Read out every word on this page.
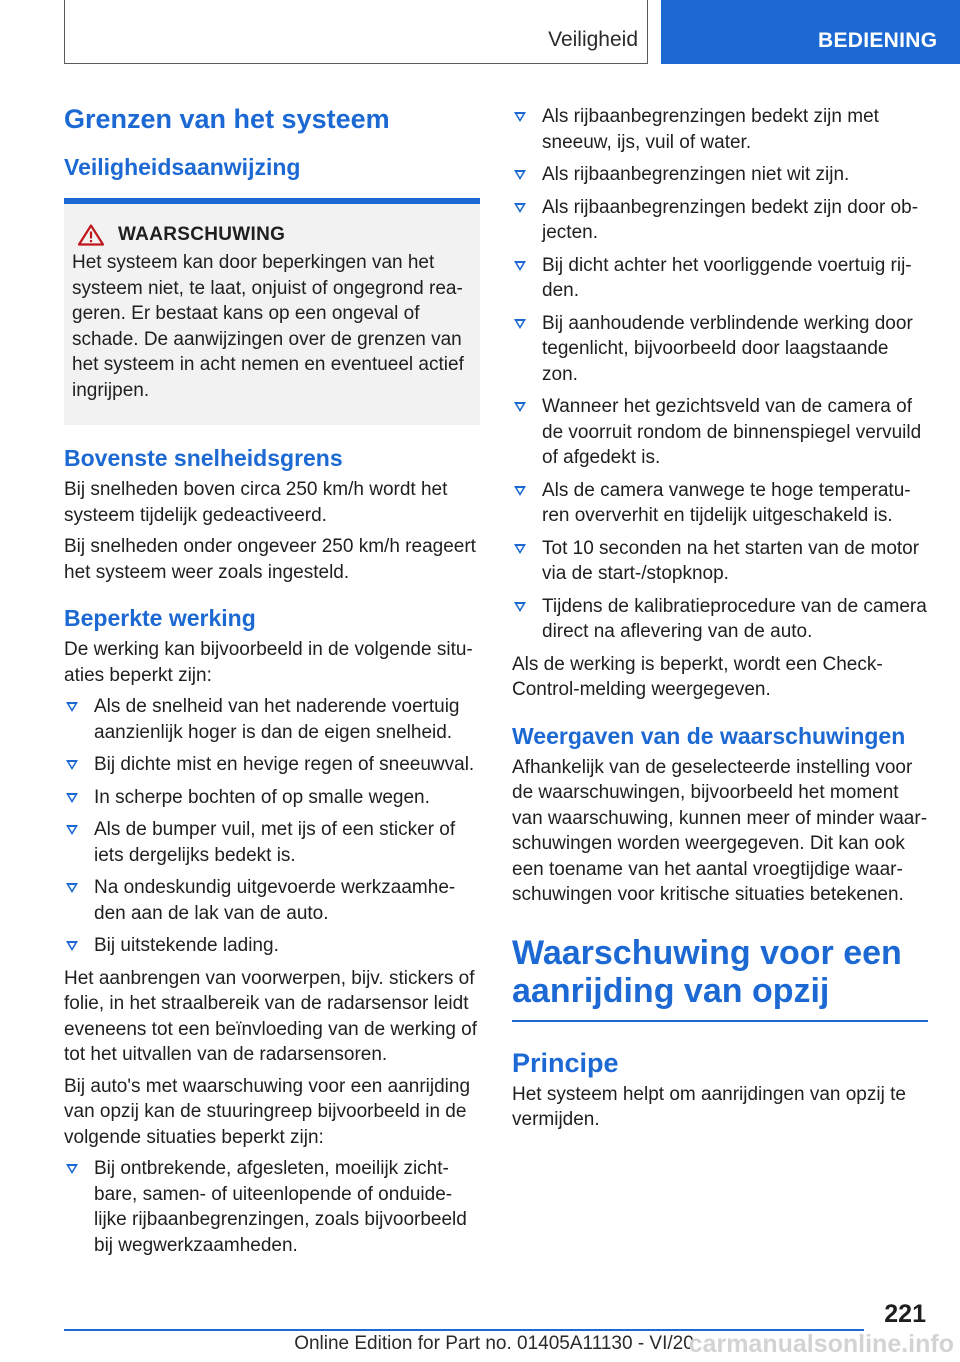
Veiligheid	BEDIENING
Grenzen van het systeem
Veiligheidsaanwijzing
WAARSCHUWING

Het systeem kan door beperkingen van het systeem niet, te laat, onjuist of ongegrond rea-geren. Er bestaat kans op een ongeval of schade. De aanwijzingen over de grenzen van het systeem in acht nemen en eventueel actief ingrijpen.

Bovenste snelheidsgrens

Bij snelheden boven circa 250 km/h wordt het systeem tijdelijk gedeactiveerd.

Bij snelheden onder ongeveer 250 km/h reageert het systeem weer zoals ingesteld.

Beperkte werking

De werking kan bijvoorbeeld in de volgende situ-aties beperkt zijn:

Als de snelheid van het naderende voertuig aanzienlijk hoger is dan de eigen snelheid.
Bij dichte mist en hevige regen of sneeuwval.
In scherpe bochten of op smalle wegen.
Als de bumper vuil, met ijs of een sticker of iets dergelijks bedekt is.
Na ondeskundig uitgevoerde werkzaamhe-den aan de lak van de auto.
Bij uitstekende lading.

Het aanbrengen van voorwerpen, bijv. stickers of folie, in het straalbereik van de radarsensor leidt eveneens tot een beïnvloeding van de werking of tot het uitvallen van de radarsensoren.

Bij auto's met waarschuwing voor een aanrijding van opzij kan de stuuringreep bijvoorbeeld in de volgende situaties beperkt zijn:

Bij ontbrekende, afgesleten, moeilijk zicht-bare, samen- of uiteenlopende of onduide-lijke rijbaanbegrenzingen, zoals bijvoorbeeld bij wegwerkzaamheden.
Als rijbaanbegrenzingen bedekt zijn met sneeuw, ijs, vuil of water.
Als rijbaanbegrenzingen niet wit zijn.
Als rijbaanbegrenzingen bedekt zijn door ob-jecten.
Bij dicht achter het voorliggende voertuig rij-den.
Bij aanhoudende verblindende werking door tegenlicht, bijvoorbeeld door laagstaande zon.
Wanneer het gezichtsveld van de camera of de voorruit rondom de binnenspiegel vervuild of afgedekt is.
Als de camera vanwege te hoge temperatu-ren oververhit en tijdelijk uitgeschakeld is.
Tot 10 seconden na het starten van de motor via de start-/stopknop.
Tijdens de kalibratieprocedure van de camera direct na aflevering van de auto.

Als de werking is beperkt, wordt een Check-Control-melding weergegeven.

Weergaven van de waarschuwingen

Afhankelijk van de geselecteerde instelling voor de waarschuwingen, bijvoorbeeld het moment van waarschuwing, kunnen meer of minder waar-schuwingen worden weergegeven. Dit kan ook een toename van het aantal vroegtijdige waar-schuwingen voor kritische situaties betekenen.

Waarschuwing voor een aanrijding van opzij
Principe

Het systeem helpt om aanrijdingen van opzij te vermijden.

221
Online Edition for Part no. 01405A11130 - VI/20
carmanualsonline.info
